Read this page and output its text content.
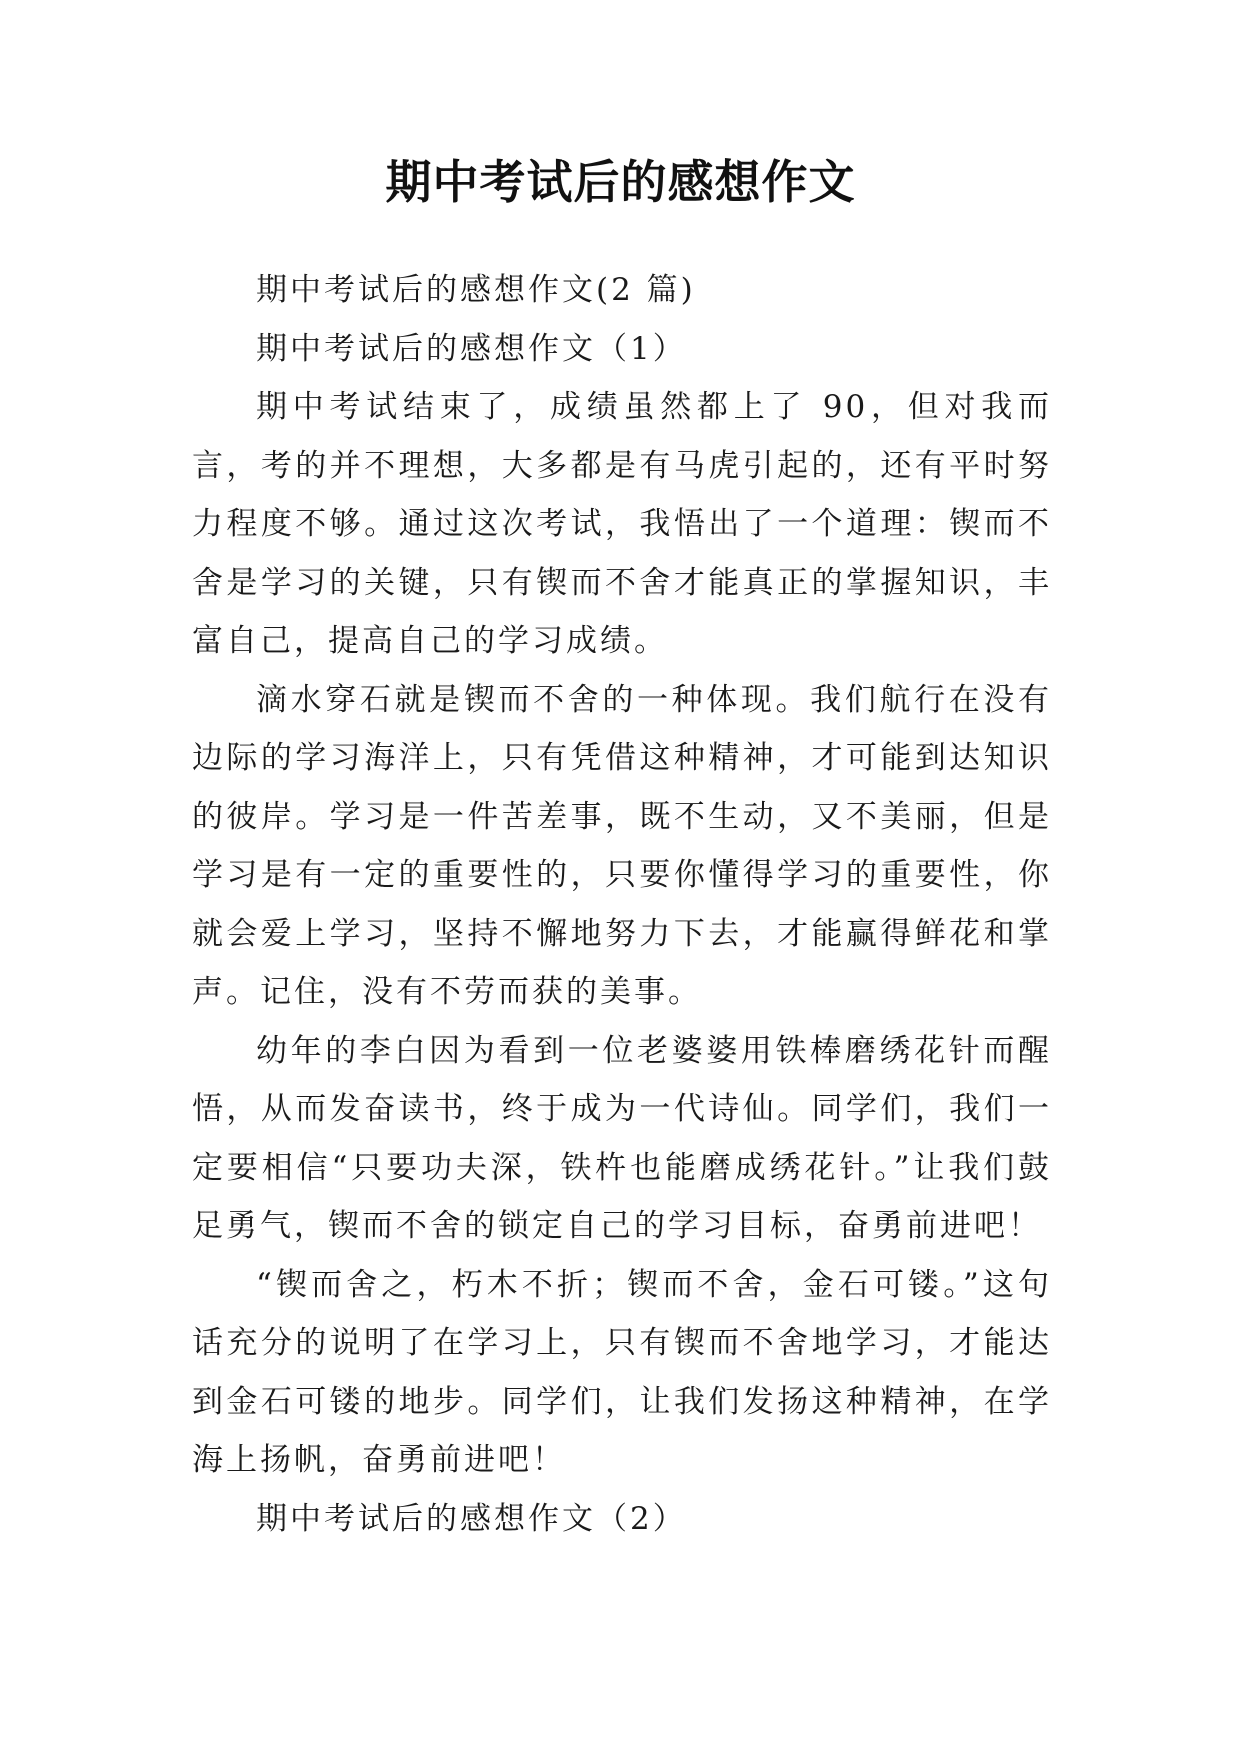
期中考试后的感想作文

期中考试后的感想作文(2 篇)

期中考试后的感想作文（1）

期中考试结束了，成绩虽然都上了 90，但对我而言，考的并不理想，大多都是有马虎引起的，还有平时努力程度不够。通过这次考试，我悟出了一个道理：锲而不舍是学习的关键，只有锲而不舍才能真正的掌握知识，丰富自己，提高自己的学习成绩。

滴水穿石就是锲而不舍的一种体现。我们航行在没有边际的学习海洋上，只有凭借这种精神，才可能到达知识的彼岸。学习是一件苦差事，既不生动，又不美丽，但是学习是有一定的重要性的，只要你懂得学习的重要性，你就会爱上学习，坚持不懈地努力下去，才能赢得鲜花和掌声。记住，没有不劳而获的美事。

幼年的李白因为看到一位老婆婆用铁棒磨绣花针而醒悟，从而发奋读书，终于成为一代诗仙。同学们，我们一定要相信“只要功夫深，铁杵也能磨成绣花针。”让我们鼓足勇气，锲而不舍的锁定自己的学习目标，奋勇前进吧！

“锲而舍之，朽木不折；锲而不舍，金石可镂。”这句话充分的说明了在学习上，只有锲而不舍地学习，才能达到金石可镂的地步。同学们，让我们发扬这种精神，在学海上扬帆，奋勇前进吧！

期中考试后的感想作文（2）
